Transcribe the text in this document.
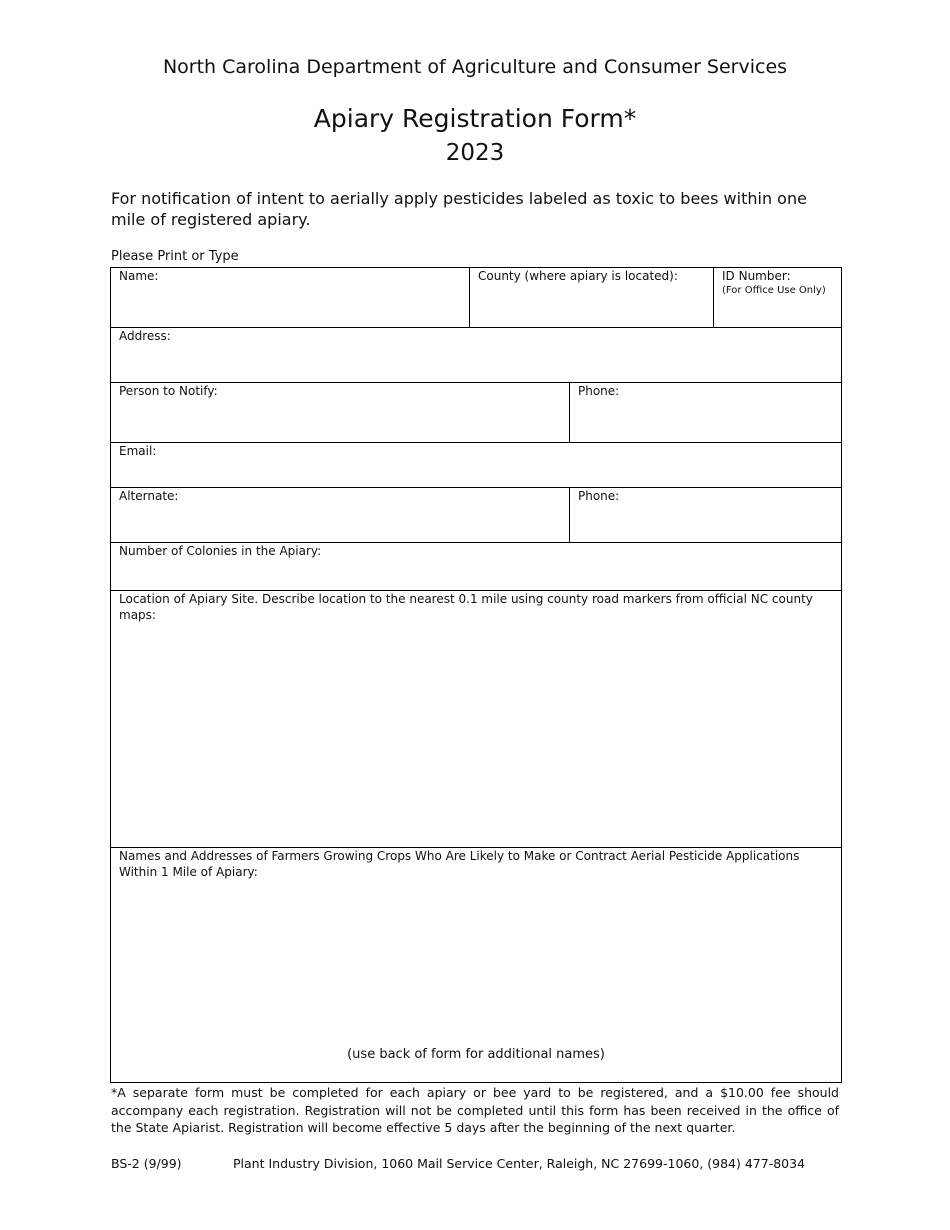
North Carolina Department of Agriculture and Consumer Services
Apiary Registration Form*
2023
For notification of intent to aerially apply pesticides labeled as toxic to bees within one mile of registered apiary.
Please Print or Type
Name:	County (where apiary is located):	ID Number:
(For Office Use Only)
Address:
Person to Notify:	Phone:
Email:
Alternate:	Phone:
Number of Colonies in the Apiary:
Location of Apiary Site. Describe location to the nearest 0.1 mile using county road markers from official NC county maps:
Names and Addresses of Farmers Growing Crops Who Are Likely to Make or Contract Aerial Pesticide Applications Within 1 Mile of Apiary:
(use back of form for additional names)
*A separate form must be completed for each apiary or bee yard to be registered, and a $10.00 fee should accompany each registration. Registration will not be completed until this form has been received in the office of the State Apiarist. Registration will become effective 5 days after the beginning of the next quarter.
BS-2 (9/99)	Plant Industry Division, 1060 Mail Service Center, Raleigh, NC 27699-1060, (984) 477-8034
